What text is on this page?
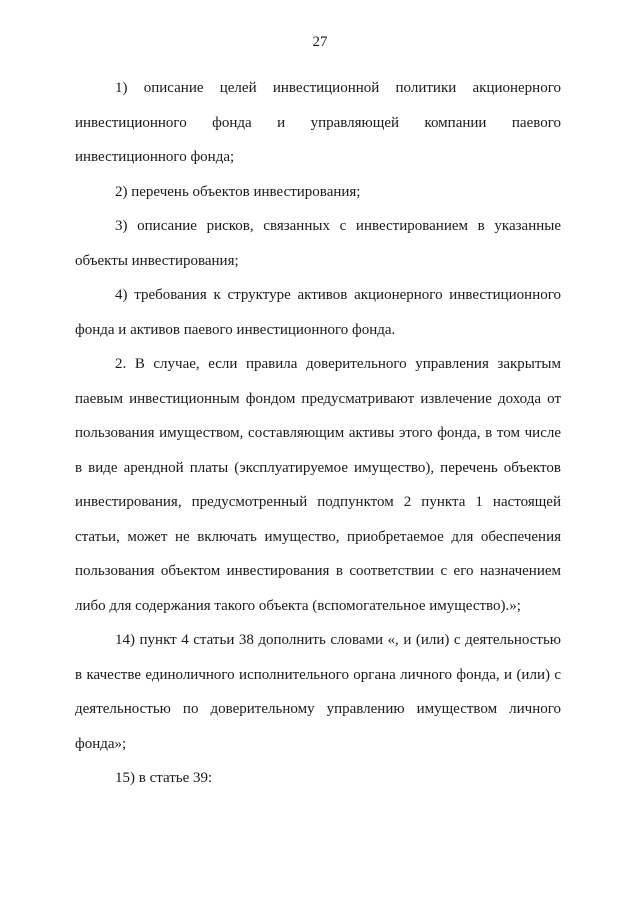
27

1) описание целей инвестиционной политики акционерного инвестиционного фонда и управляющей компании паевого инвестиционного фонда;

2) перечень объектов инвестирования;

3) описание рисков, связанных с инвестированием в указанные объекты инвестирования;

4) требования к структуре активов акционерного инвестиционного фонда и активов паевого инвестиционного фонда.

2. В случае, если правила доверительного управления закрытым паевым инвестиционным фондом предусматривают извлечение дохода от пользования имуществом, составляющим активы этого фонда, в том числе в виде арендной платы (эксплуатируемое имущество), перечень объектов инвестирования, предусмотренный подпунктом 2 пункта 1 настоящей статьи, может не включать имущество, приобретаемое для обеспечения пользования объектом инвестирования в соответствии с его назначением либо для содержания такого объекта (вспомогательное имущество).»;

14) пункт 4 статьи 38 дополнить словами «, и (или) с деятельностью в качестве единоличного исполнительного органа личного фонда, и (или) с деятельностью по доверительному управлению имуществом личного фонда»;

15) в статье 39:
